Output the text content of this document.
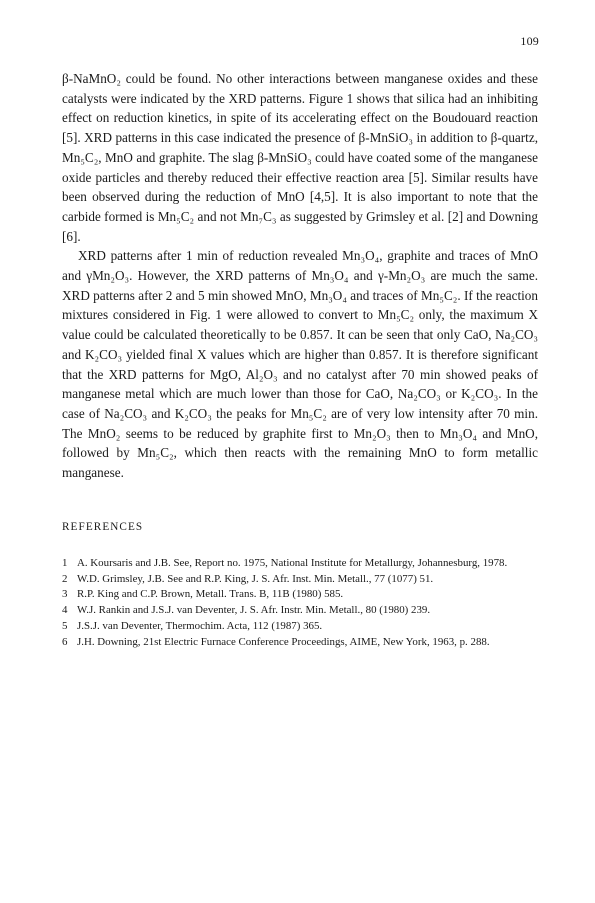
109

β-NaMnO₂ could be found. No other interactions between manganese oxides and these catalysts were indicated by the XRD patterns. Figure 1 shows that silica had an inhibiting effect on reduction kinetics, in spite of its accelerating effect on the Boudouard reaction [5]. XRD patterns in this case indicated the presence of β-MnSiO₃ in addition to β-quartz, Mn₅C₂, MnO and graphite. The slag β-MnSiO₃ could have coated some of the manganese oxide particles and thereby reduced their effective reaction area [5]. Similar results have been observed during the reduction of MnO [4,5]. It is also important to note that the carbide formed is Mn₅C₂ and not Mn₇C₃ as suggested by Grimsley et al. [2] and Downing [6].

XRD patterns after 1 min of reduction revealed Mn₃O₄, graphite and traces of MnO and γMn₂O₃. However, the XRD patterns of Mn₃O₄ and γ-Mn₂O₃ are much the same. XRD patterns after 2 and 5 min showed MnO, Mn₃O₄ and traces of Mn₅C₂. If the reaction mixtures considered in Fig. 1 were allowed to convert to Mn₅C₂ only, the maximum X value could be calculated theoretically to be 0.857. It can be seen that only CaO, Na₂CO₃ and K₂CO₃ yielded final X values which are higher than 0.857. It is therefore significant that the XRD patterns for MgO, Al₂O₃ and no catalyst after 70 min showed peaks of manganese metal which are much lower than those for CaO, Na₂CO₃ or K₂CO₃. In the case of Na₂CO₃ and K₂CO₃ the peaks for Mn₅C₂ are of very low intensity after 70 min. The MnO₂ seems to be reduced by graphite first to Mn₂O₃ then to Mn₃O₄ and MnO, followed by Mn₅C₂, which then reacts with the remaining MnO to form metallic manganese.

REFERENCES
1 A. Koursaris and J.B. See, Report no. 1975, National Institute for Metallurgy, Johannesburg, 1978.
2 W.D. Grimsley, J.B. See and R.P. King, J. S. Afr. Inst. Min. Metall., 77 (1077) 51.
3 R.P. King and C.P. Brown, Metall. Trans. B, 11B (1980) 585.
4 W.J. Rankin and J.S.J. van Deventer, J. S. Afr. Instr. Min. Metall., 80 (1980) 239.
5 J.S.J. van Deventer, Thermochim. Acta, 112 (1987) 365.
6 J.H. Downing, 21st Electric Furnace Conference Proceedings, AIME, New York, 1963, p. 288.
